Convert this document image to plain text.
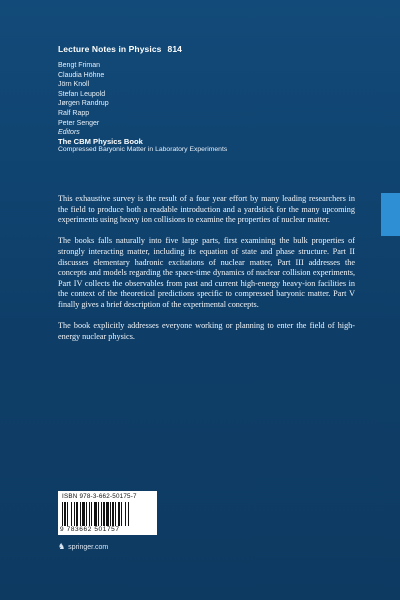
Lecture Notes in Physics 814
Bengt Friman
Claudia Höhne
Jörn Knoll
Stefan Leupold
Jørgen Randrup
Ralf Rapp
Peter Senger
Editors
The CBM Physics Book
Compressed Baryonic Matter in Laboratory Experiments

This exhaustive survey is the result of a four year effort by many leading researchers in the field to produce both a readable introduction and a yardstick for the many upcoming experiments using heavy ion collisions to examine the properties of nuclear matter.

The books falls naturally into five large parts, first examining the bulk properties of strongly interacting matter, including its equation of state and phase structure. Part II discusses elementary hadronic excitations of nuclear matter, Part III addresses the concepts and models regarding the space-time dynamics of nuclear collision experiments, Part IV collects the observables from past and current high-energy heavy-ion facilities in the context of the theoretical predictions specific to compressed baryonic matter. Part V finally gives a brief description of the experimental concepts.

The book explicitly addresses everyone working or planning to enter the field of high-energy nuclear physics.

ISBN 978-3-662-50175-7
9 783662 501757
♞ springer.com
